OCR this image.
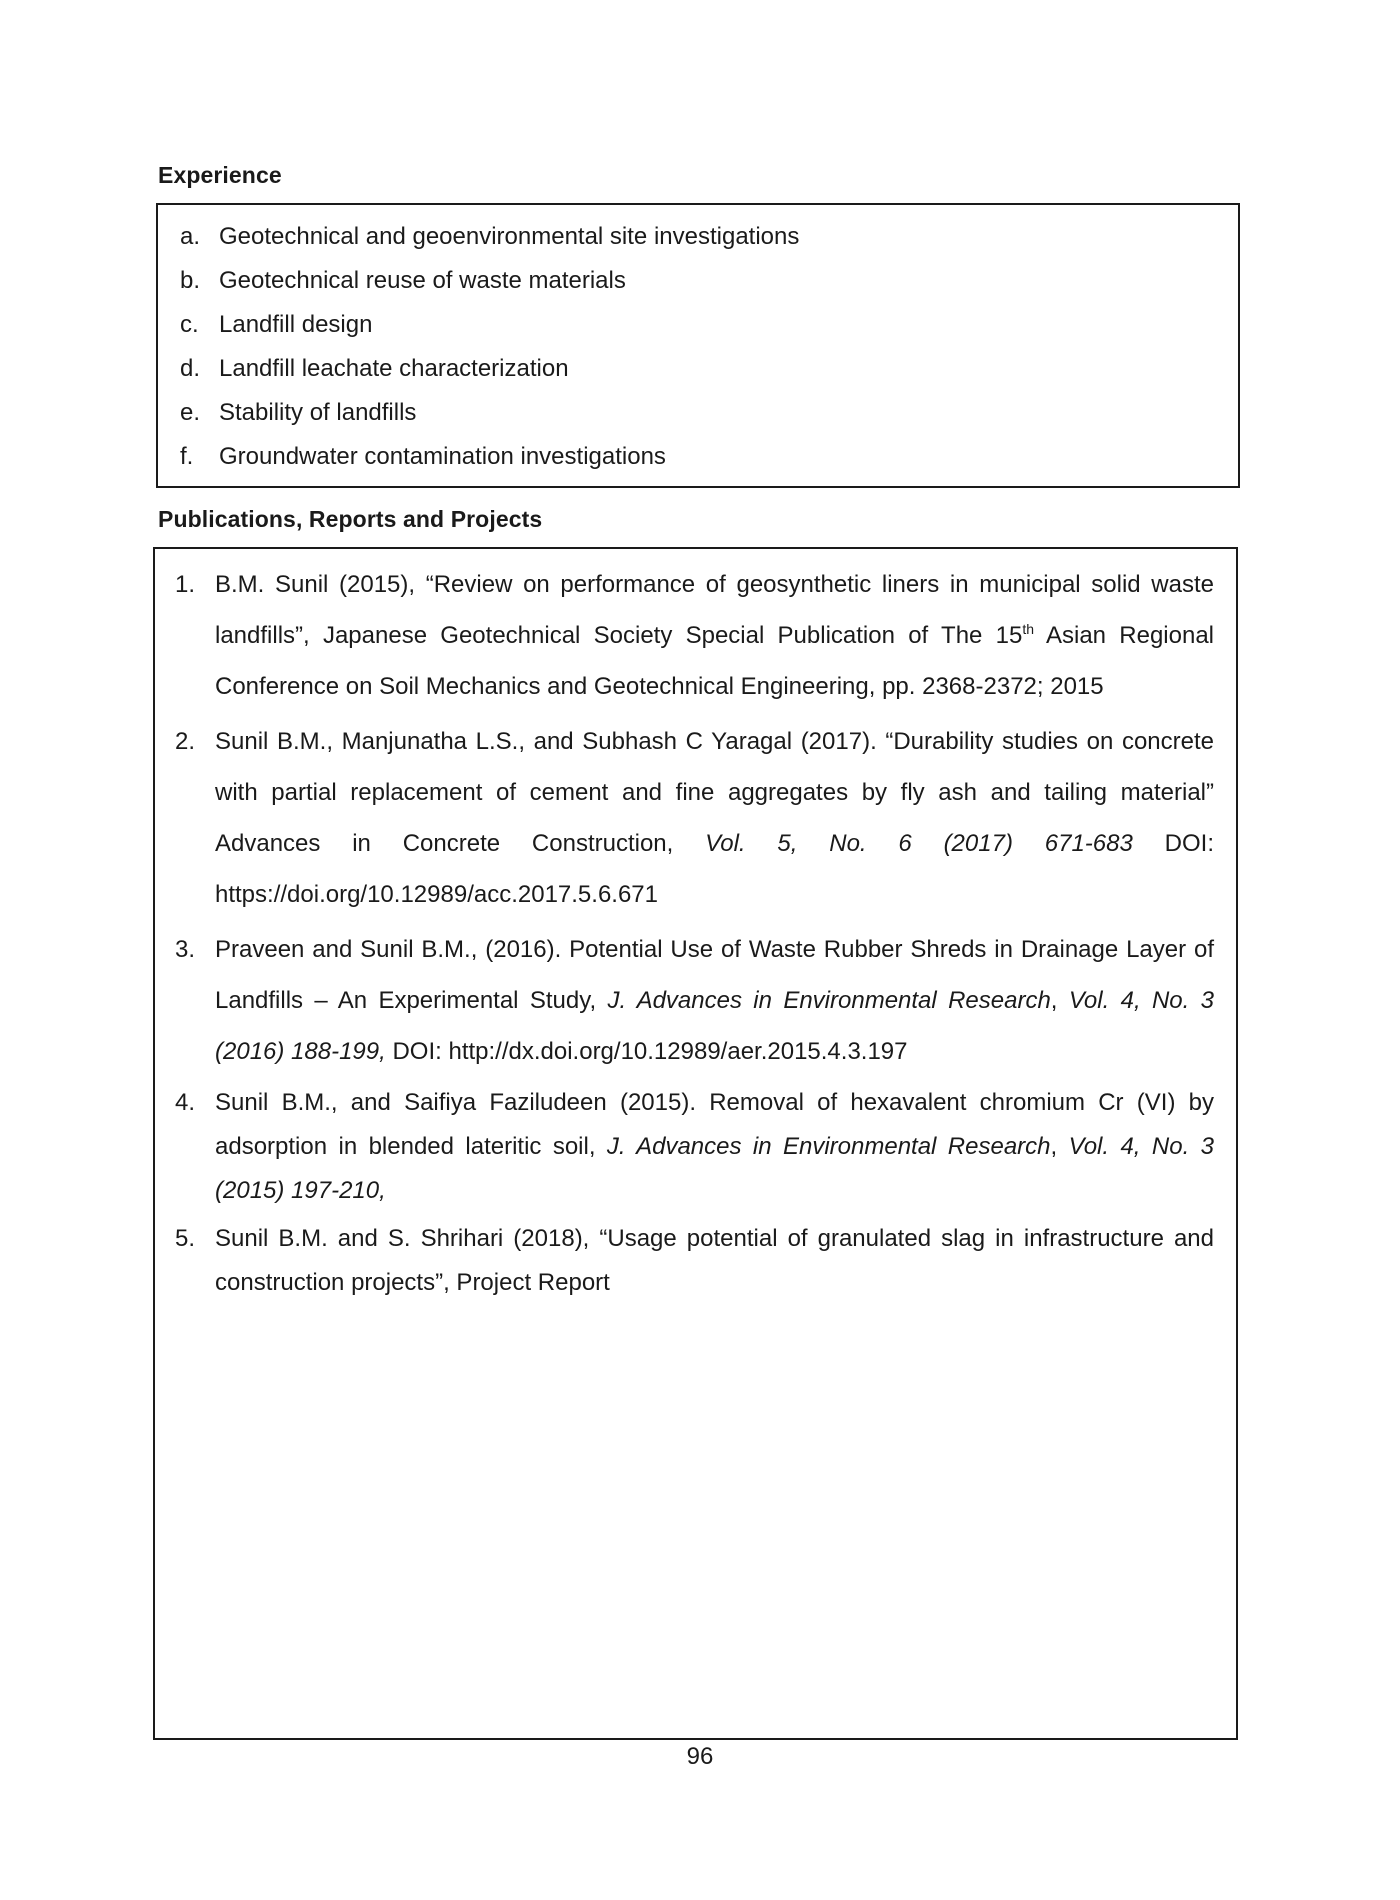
Experience
a. Geotechnical and geoenvironmental site investigations
b. Geotechnical reuse of waste materials
c. Landfill design
d. Landfill leachate characterization
e. Stability of landfills
f. Groundwater contamination investigations
Publications, Reports and Projects
1. B.M. Sunil (2015), “Review on performance of geosynthetic liners in municipal solid waste landfills”, Japanese Geotechnical Society Special Publication of The 15th Asian Regional Conference on Soil Mechanics and Geotechnical Engineering, pp. 2368-2372; 2015
2. Sunil B.M., Manjunatha L.S., and Subhash C Yaragal (2017). “Durability studies on concrete with partial replacement of cement and fine aggregates by fly ash and tailing material” Advances in Concrete Construction, Vol. 5, No. 6 (2017) 671-683 DOI: https://doi.org/10.12989/acc.2017.5.6.671
3. Praveen and Sunil B.M., (2016). Potential Use of Waste Rubber Shreds in Drainage Layer of Landfills – An Experimental Study, J. Advances in Environmental Research, Vol. 4, No. 3 (2016) 188-199, DOI: http://dx.doi.org/10.12989/aer.2015.4.3.197
4. Sunil B.M., and Saifiya Faziludeen (2015). Removal of hexavalent chromium Cr (VI) by adsorption in blended lateritic soil, J. Advances in Environmental Research, Vol. 4, No. 3 (2015) 197-210,
5. Sunil B.M. and S. Shrihari (2018), “Usage potential of granulated slag in infrastructure and construction projects”, Project Report
96
